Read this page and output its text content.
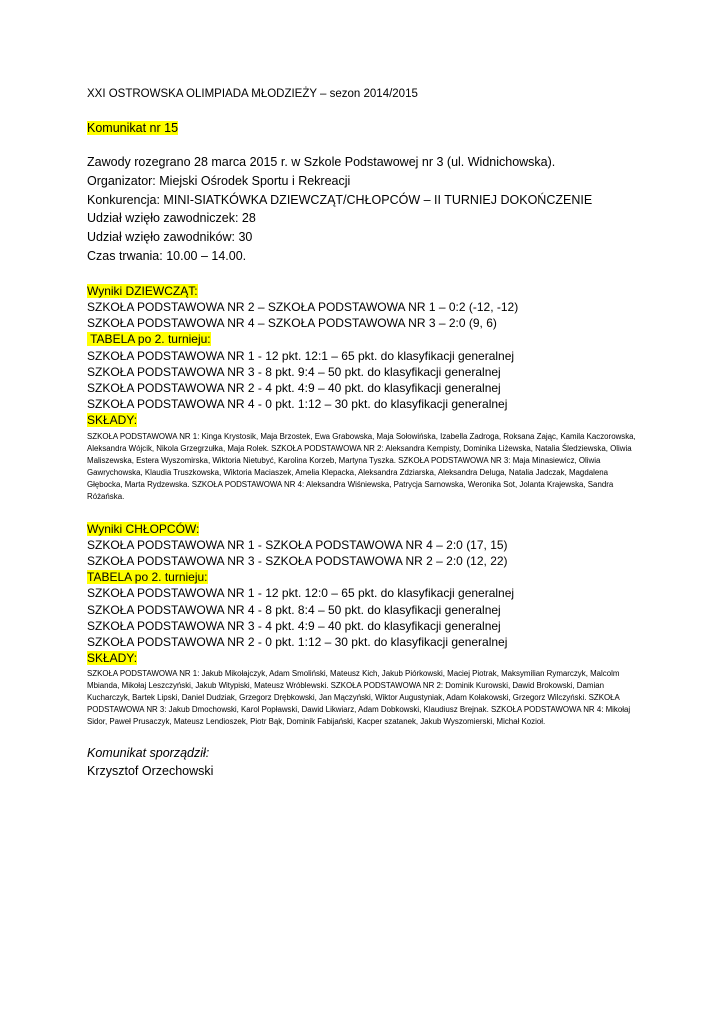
XXI OSTROWSKA OLIMPIADA MŁODZIEŻY – sezon 2014/2015
Komunikat nr 15
Zawody rozegrano 28 marca 2015 r. w Szkole Podstawowej nr 3 (ul. Widnichowska).
Organizator: Miejski Ośrodek Sportu i Rekreacji
Konkurencja: MINI-SIATKÓWKA DZIEWCZĄT/CHŁOPCÓW – II TURNIEJ DOKOŃCZENIE
Udział wzięło zawodniczek: 28
Udział wzięło zawodników: 30
Czas trwania: 10.00 – 14.00.
Wyniki DZIEWCZĄT:
SZKOŁA PODSTAWOWA NR 2 – SZKOŁA PODSTAWOWA NR 1 – 0:2 (-12, -12)
SZKOŁA PODSTAWOWA NR 4 – SZKOŁA PODSTAWOWA NR 3 – 2:0 (9, 6)
TABELA po 2. turnieju:
SZKOŁA PODSTAWOWA NR 1 - 12 pkt. 12:1 – 65 pkt. do klasyfikacji generalnej
SZKOŁA PODSTAWOWA NR 3 - 8 pkt. 9:4 – 50 pkt. do klasyfikacji generalnej
SZKOŁA PODSTAWOWA NR 2 - 4 pkt. 4:9 – 40 pkt. do klasyfikacji generalnej
SZKOŁA PODSTAWOWA NR 4 - 0 pkt. 1:12 – 30 pkt. do klasyfikacji generalnej
SKŁADY:

SZKOŁA PODSTAWOWA NR 1: Kinga Krystosik, Maja Brzostek, Ewa Grabowska, Maja Sołowińska, Izabella Zadroga, Roksana Zając, Kamila Kaczorowska, Aleksandra Wójcik, Nikola Grzegrzułka, Maja Rolek. SZKOŁA PODSTAWOWA NR 2: Aleksandra Kempisty, Dominika Liżewska, Natalia Śledziewska, Oliwia Maliszewska, Estera Wyszomirska, Wiktoria Nietubyć, Karolina Korzeb, Martyna Tyszka. SZKOŁA PODSTAWOWA NR 3: Maja Minasiewicz, Oliwia Gawrychowska, Klaudia Truszkowska, Wiktoria Maciaszek, Amelia Klepacka, Aleksandra Zdziarska, Aleksandra Deluga, Natalia Jadczak, Magdalena Głębocka, Marta Rydzewska. SZKOŁA PODSTAWOWA NR 4: Aleksandra Wiśniewska, Patrycja Sarnowska, Weronika Sot, Jolanta Krajewska, Sandra Różańska.

Wyniki CHŁOPCÓW:
SZKOŁA PODSTAWOWA NR 1 - SZKOŁA PODSTAWOWA NR 4 – 2:0 (17, 15)
SZKOŁA PODSTAWOWA NR 3 - SZKOŁA PODSTAWOWA NR 2 – 2:0 (12, 22)
TABELA po 2. turnieju:
SZKOŁA PODSTAWOWA NR 1 - 12 pkt. 12:0 – 65 pkt. do klasyfikacji generalnej
SZKOŁA PODSTAWOWA NR 4 - 8 pkt. 8:4 – 50 pkt. do klasyfikacji generalnej
SZKOŁA PODSTAWOWA NR 3 - 4 pkt. 4:9 – 40 pkt. do klasyfikacji generalnej
SZKOŁA PODSTAWOWA NR 2 - 0 pkt. 1:12 – 30 pkt. do klasyfikacji generalnej
SKŁADY:

SZKOŁA PODSTAWOWA NR 1: Jakub Mikołajczyk, Adam Smoliński, Mateusz Kich, Jakub Piórkowski, Maciej Piotrak, Maksymilian Rymarczyk, Malcolm Mbianda, Mikołaj Leszczyński, Jakub Witypiski, Mateusz Wróblewski. SZKOŁA PODSTAWOWA NR 2: Dominik Kurowski, Dawid Brokowski, Damian Kucharczyk, Bartek Lipski, Daniel Dudziak, Grzegorz Drębkowski, Jan Mączyński, Wiktor Augustyniak, Adam Kołakowski, Grzegorz Wilczyński. SZKOŁA PODSTAWOWA NR 3: Jakub Dmochowski, Karol Popławski, Dawid Likwiarz, Adam Dobkowski, Klaudiusz Brejnak. SZKOŁA PODSTAWOWA NR 4: Mikołaj Sidor, Paweł Prusaczyk, Mateusz Lendioszek, Piotr Bąk, Dominik Fabijański, Kacper szatanek, Jakub Wyszomierski, Michał Kozioł.

Komunikat sporządził:
Krzysztof Orzechowski
